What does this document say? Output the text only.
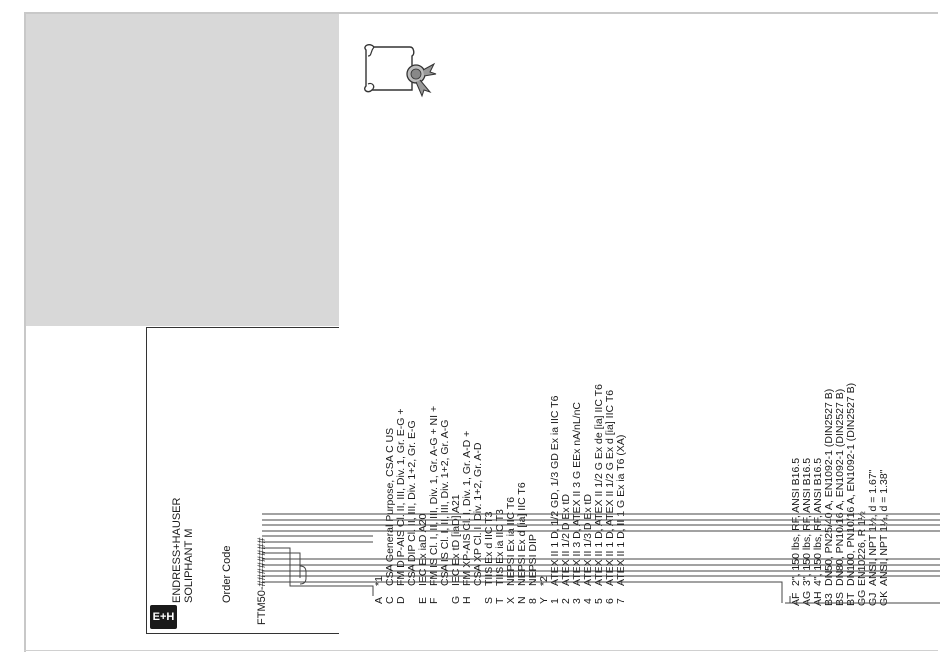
E+H
ENDRESS+HAUSER SOLIPHANT M Order Code FTM50-########	A
*1
C
CSA General Purpose, CSA C US
D
FM DIP-AIS Cl. II, III, Div. 1, Gr. E-G + CSA DIP Cl. II, III, Div. 1+2, Gr. E-G
E
IEC Ex iaD A20
F
FM IS Cl. I, II, III, Div. 1, Gr. A-G + NI + CSA IS Cl. I, II, III, Div. 1+2, Gr. A-G
G
IEC Ex tD [iaD] A21
H
FM XP-AIS Cl. I, Div. 1, Gr. A-D + CSA XP Cl. I, Div. 1+2, Gr. A-D
S
TIIS Ex d IIC T3
T
TIIS Ex ia IIC T3
X
NEPSI Ex ia IIC T6
N
NEPSI Ex d [ia] IIC T6
8
NEPSI DIP
Y
*2
1
ATEX II 1 D, 1/2 GD, 1/3 GD Ex ia IIC T6
2
ATEX II 1/2 D Ex tD
3
ATEX II 3 D, ATEX II 3 G EEx nA/nL/nC
4
ATEX II 1/3 D Ex tD
5
ATEX II 1 D, ATEX II 1/2 G Ex de [ia] IIC T6
6
ATEX II 1 D, ATEX II 1/2 G Ex d [ia] IIC T6
7
ATEX II 1 D, II 1 G Ex ia T6 (XA)
AF
2", 150 lbs, RF, ANSI B16.5
AG
3", 150 lbs, RF, ANSI B16.5
AH
4", 150 lbs, RF, ANSI B16.5
B3
DN50, PN25/40 A, EN1092-1 (DIN2527 B)
BS
DN80, PN10/16 A, EN1092-1 (DIN2527 B)
BT
DN100, PN10/16 A, EN1092-1 (DIN2527 B)
GG
EN10226, R 1½
GJ
ANSI, NPT 1½, d = 1.67"
GK
ANSI, NPT 1¼, d = 1.38"
